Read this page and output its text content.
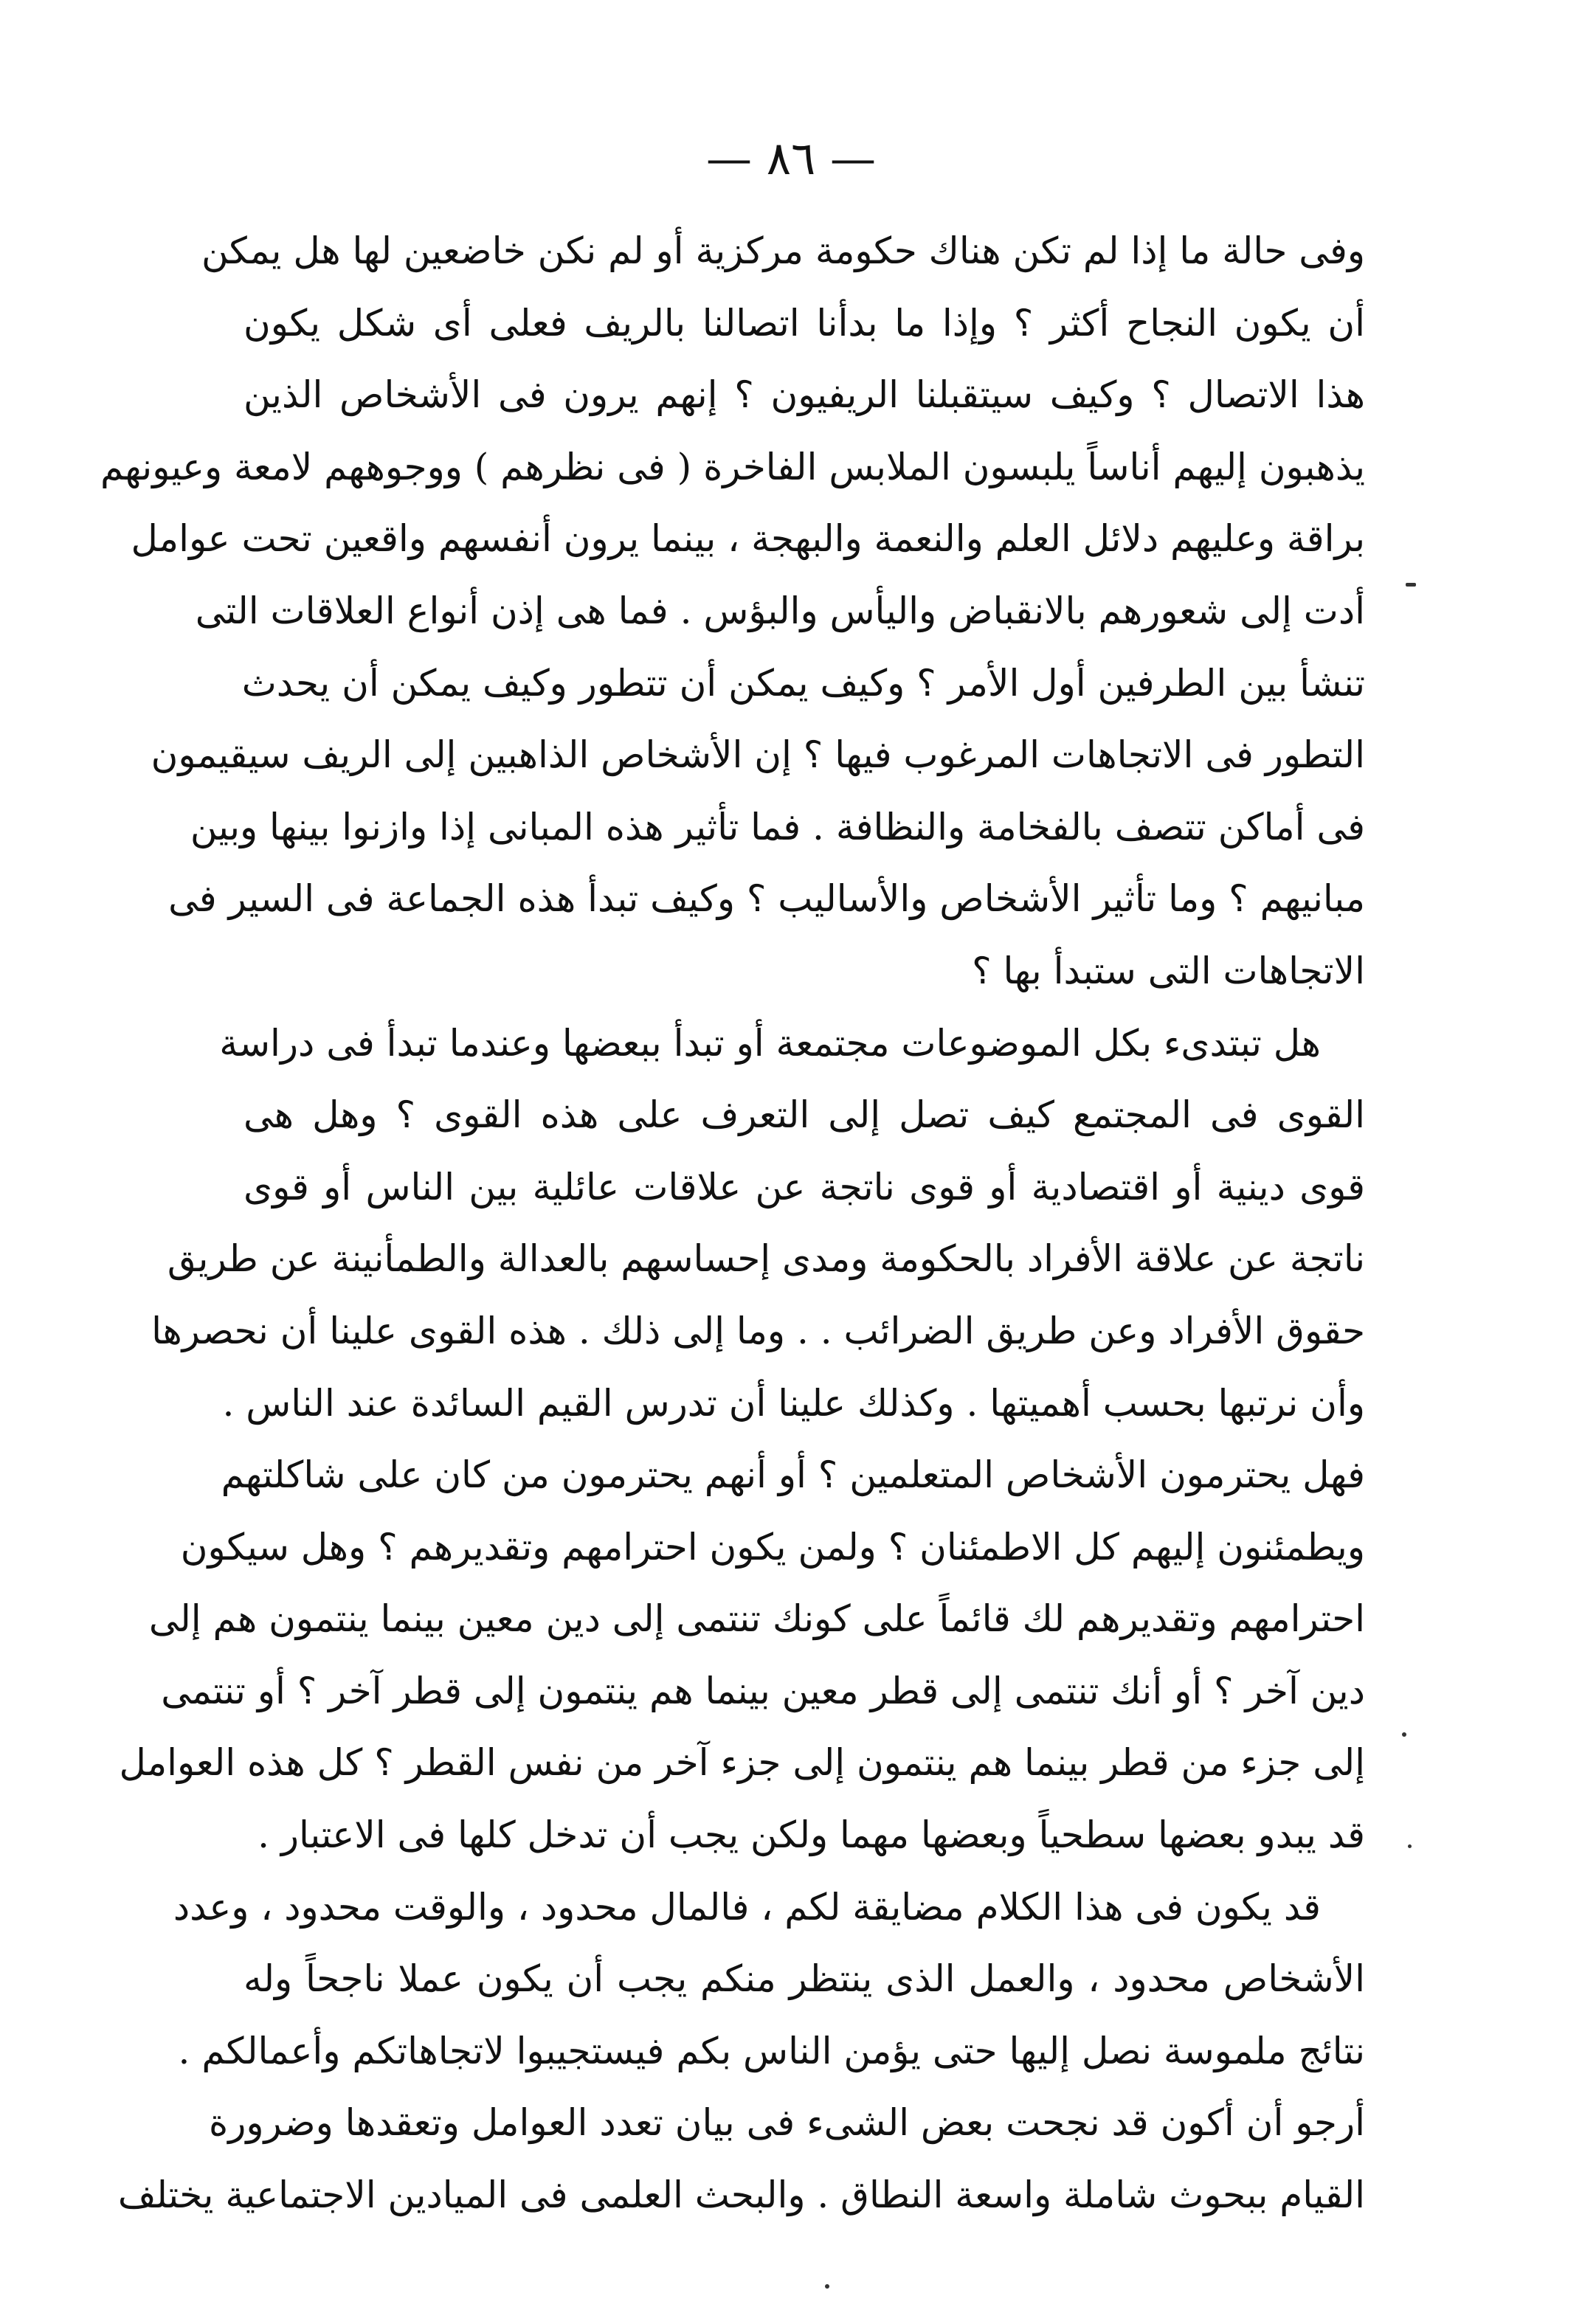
— ٨٦ —
وفى حالة ما إذا لم تكن هناك حكومة مركزية أو لم نكن خاضعين لها هل يمكن
أن يكون النجاح أكثر ؟ وإذا ما بدأنا اتصالنا بالريف فعلى أى شكل يكون
هذا الاتصال ؟ وكيف سيتقبلنا الريفيون ؟ إنهم يرون فى الأشخاص الذين
يذهبون إليهم أناساً يلبسون الملابس الفاخرة ( فى نظرهم ) ووجوههم لامعة وعيونهم
براقة وعليهم دلائل العلم والنعمة والبهجة ، بينما يرون أنفسهم واقعين تحت عوامل
أدت إلى شعورهم بالانقباض واليأس والبؤس . فما هى إذن أنواع العلاقات التى
تنشأ بين الطرفين أول الأمر ؟ وكيف يمكن أن تتطور وكيف يمكن أن يحدث
التطور فى الاتجاهات المرغوب فيها ؟ إن الأشخاص الذاهبين إلى الريف سيقيمون
فى أماكن تتصف بالفخامة والنظافة . فما تأثير هذه المبانى إذا وازنوا بينها وبين
مبانيهم ؟ وما تأثير الأشخاص والأساليب ؟ وكيف تبدأ هذه الجماعة فى السير فى
الاتجاهات التى ستبدأ بها ؟
هل تبتدىء بكل الموضوعات مجتمعة أو تبدأ ببعضها وعندما تبدأ فى دراسة
القوى فى المجتمع كيف تصل إلى التعرف على هذه القوى ؟ وهل هى
قوى دينية أو اقتصادية أو قوى ناتجة عن علاقات عائلية بين الناس أو قوى
ناتجة عن علاقة الأفراد بالحكومة ومدى إحساسهم بالعدالة والطمأنينة عن طريق
حقوق الأفراد وعن طريق الضرائب . . وما إلى ذلك . هذه القوى علينا أن نحصرها
وأن نرتبها بحسب أهميتها . وكذلك علينا أن تدرس القيم السائدة عند الناس .
فهل يحترمون الأشخاص المتعلمين ؟ أو أنهم يحترمون من كان على شاكلتهم
ويطمئنون إليهم كل الاطمئنان ؟ ولمن يكون احترامهم وتقديرهم ؟ وهل سيكون
احترامهم وتقديرهم لك قائماً على كونك تنتمى إلى دين معين بينما ينتمون هم إلى
دين آخر ؟ أو أنك تنتمى إلى قطر معين بينما هم ينتمون إلى قطر آخر ؟ أو تنتمى
إلى جزء من قطر بينما هم ينتمون إلى جزء آخر من نفس القطر ؟ كل هذه العوامل
قد يبدو بعضها سطحياً وبعضها مهما ولكن يجب أن تدخل كلها فى الاعتبار .
قد يكون فى هذا الكلام مضايقة لكم ، فالمال محدود ، والوقت محدود ، وعدد
الأشخاص محدود ، والعمل الذى ينتظر منكم يجب أن يكون عملا ناجحاً وله
نتائج ملموسة نصل إليها حتى يؤمن الناس بكم فيستجيبوا لاتجاهاتكم وأعمالكم .
أرجو أن أكون قد نجحت بعض الشىء فى بيان تعدد العوامل وتعقدها وضرورة
القيام ببحوث شاملة واسعة النطاق . والبحث العلمى فى الميادين الاجتماعية يختلف
